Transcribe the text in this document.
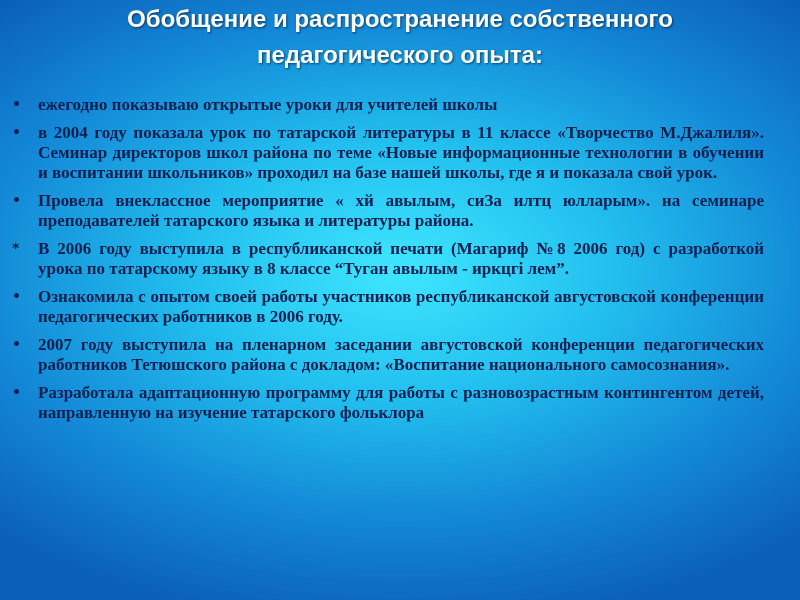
Обобщение и распространение собственного
педагогического опыта:
•	ежегодно показываю открытые уроки для учителей школы
•	в 2004 году показала урок по татарской литературы в 11 классе «Творчество М.Джалиля». Семинар директоров школ района по теме «Новые информационные технологии в обучении и воспитании школьников» проходил на базе нашей школы, где я и показала свой урок.
•	Провела внеклассное мероприятие « хй авылым, сиЗа илтц юлларым». на семинаре преподавателей татарского языка и литературы района.
*	В 2006 году выступила в республиканской печати (Магариф №8 2006 год) с разработкой урока по татарскому языку в 8 классе “Туган авылым - иркцгі лем”.
•	Ознакомила с опытом своей работы участников республиканской августовской конференции педагогических работников в 2006 году.
•	2007 году выступила на пленарном заседании августовской конференции педагогических работников Тетюшского района с докладом: «Воспитание национального самосознания».
•	Разработала адаптационную программу для работы с разновозрастным контингентом детей, направленную на изучение татарского фольклора
